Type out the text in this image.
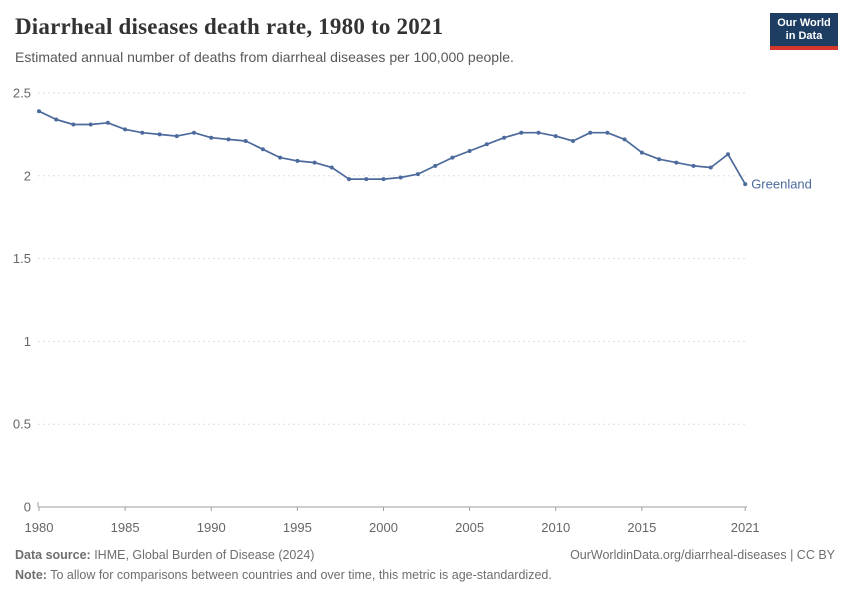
0
0.5
1
1.5
2
2.5
1980	1985	1990	1995	2000	2005	2010	2015	2021
Greenland
Diarrheal diseases death rate, 1980 to 2021

Estimated annual number of deaths from diarrheal diseases per 100,000 people.

Our World
in Data
Data source: IHME, Global Burden of Disease (2024)	OurWorldinData.org/diarrheal-diseases | CC BY
Note: To allow for comparisons between countries and over time, this metric is age-standardized.
